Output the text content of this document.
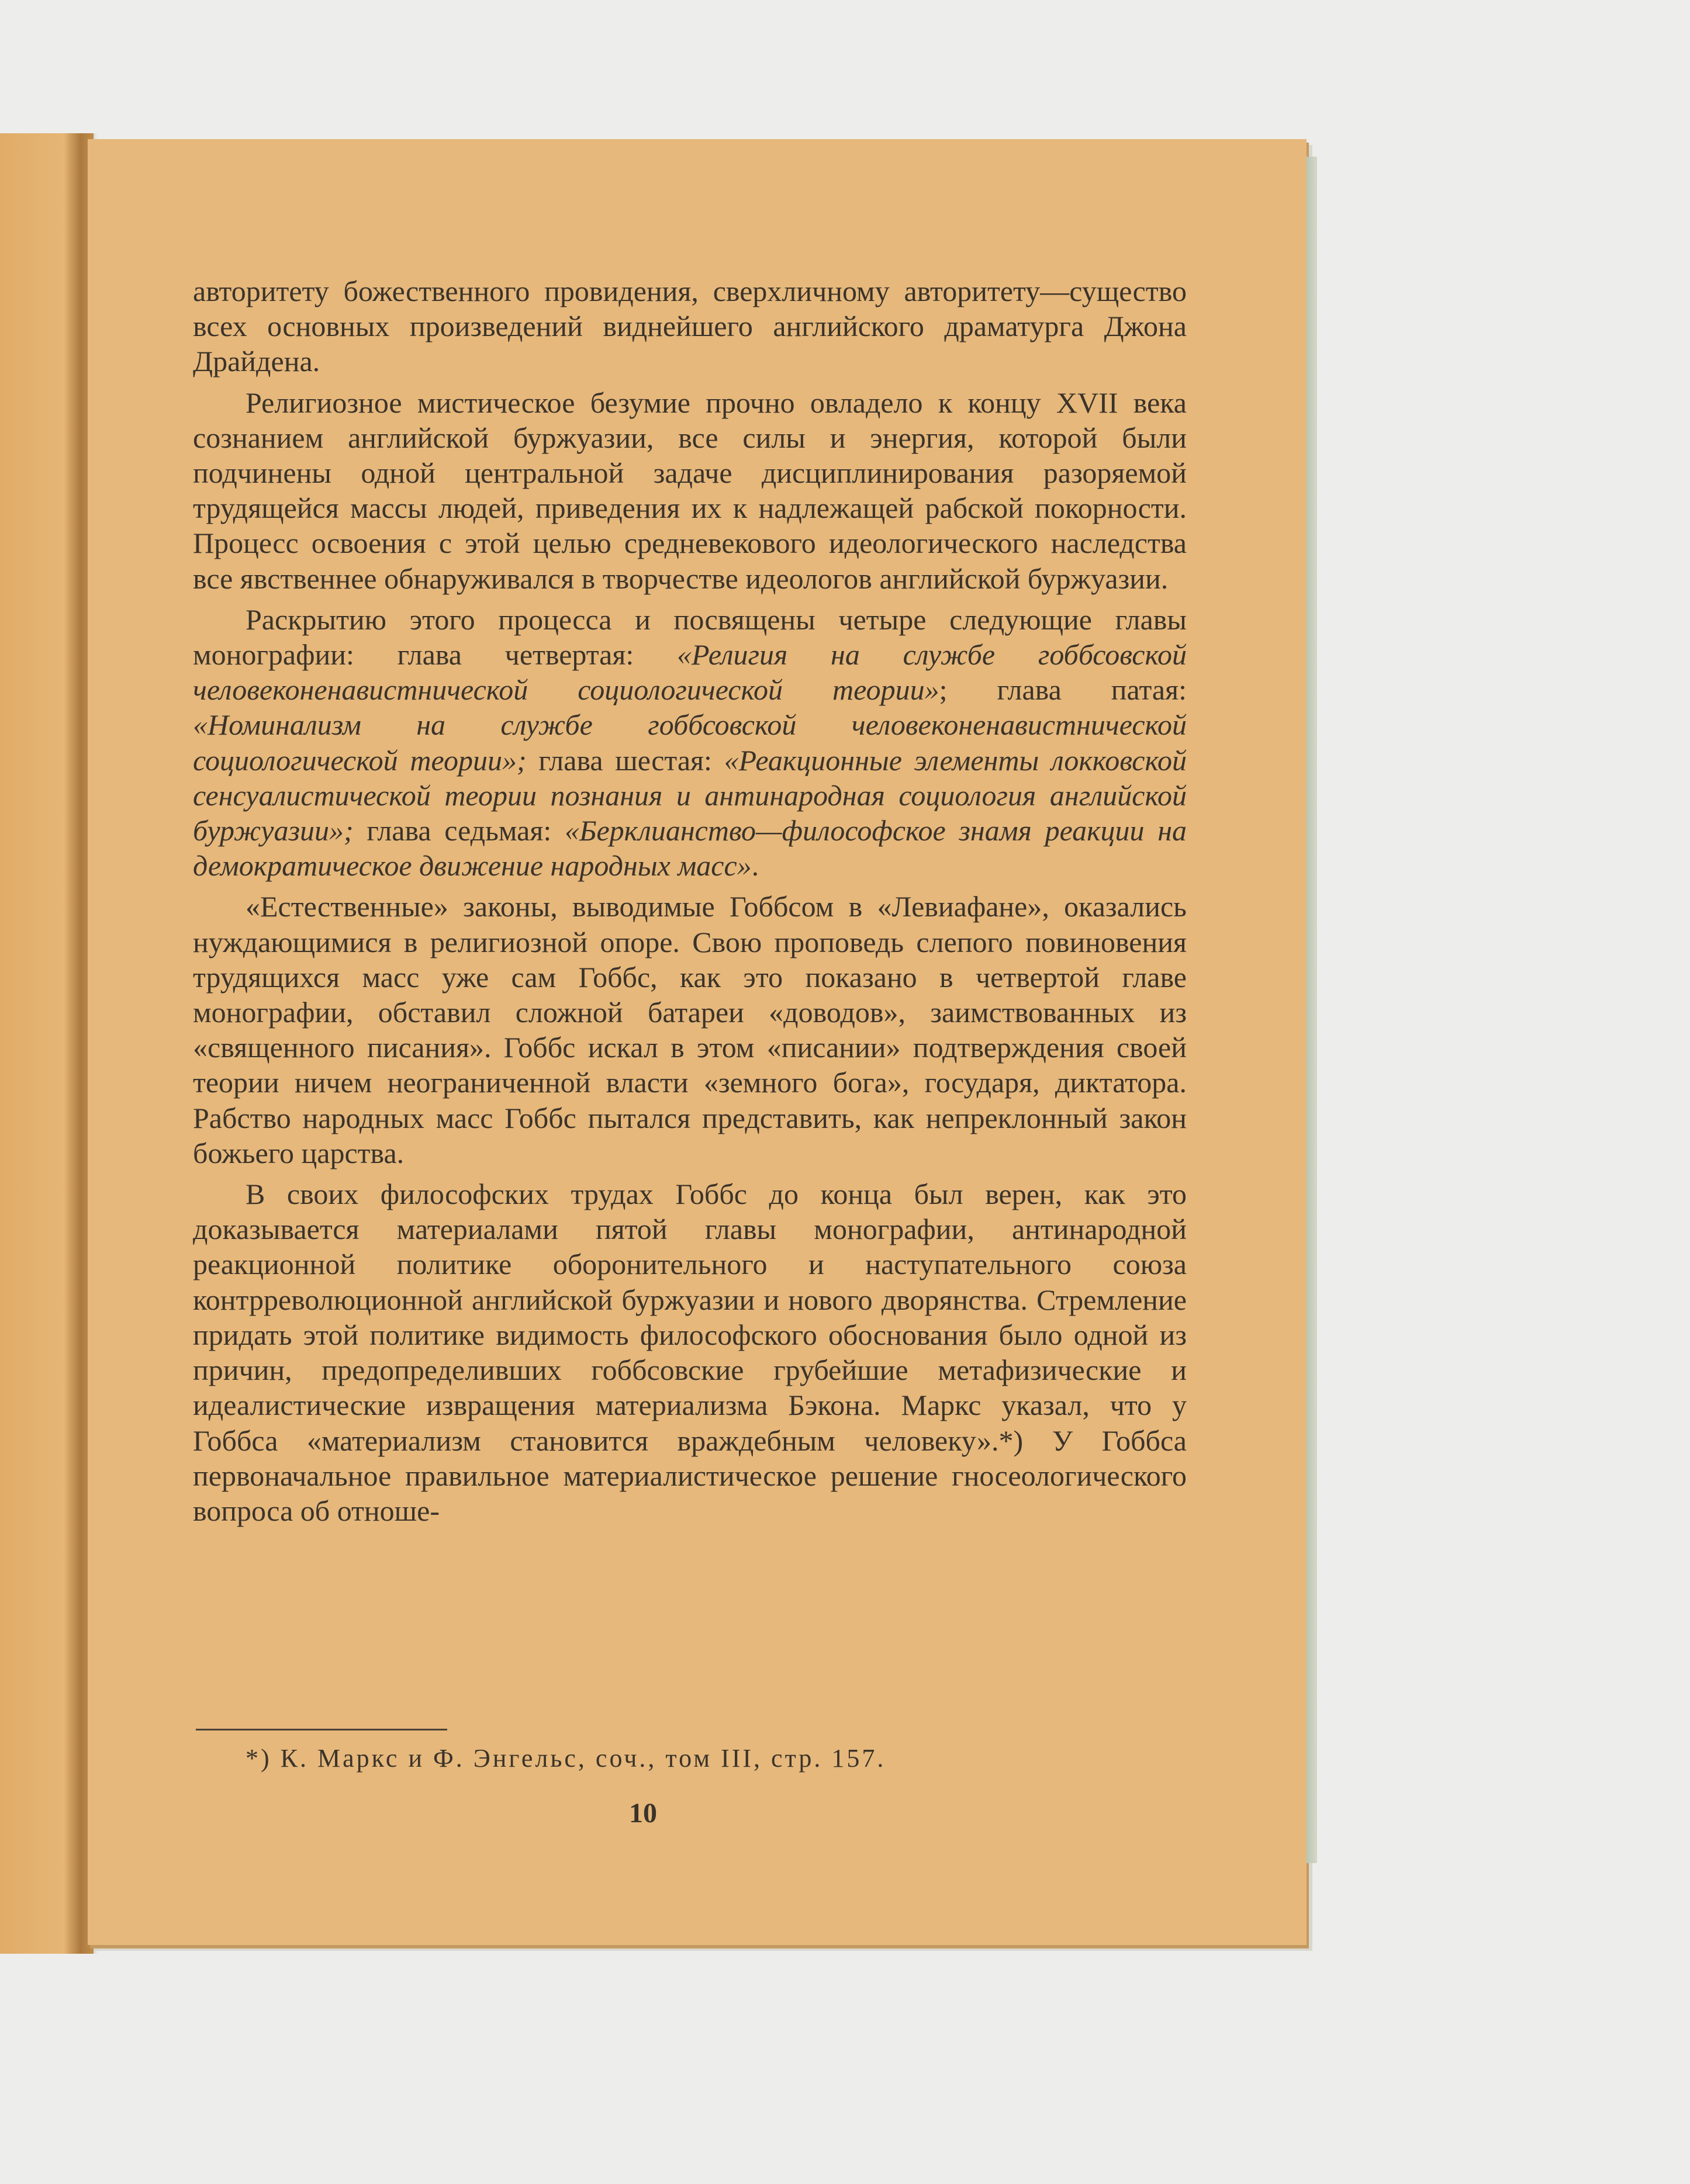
авторитету божественного провидения, сверхличному авторитету—существо всех основных произведений виднейшего английского драматурга Джона Драйдена.

Религиозное мистическое безумие прочно овладело к концу XVII века сознанием английской буржуазии, все силы и энергия, которой были подчинены одной центральной задаче дисциплинирования разоряемой трудящейся массы людей, приведения их к надлежащей рабской покорности. Процесс освоения с этой целью средневекового идеологического наследства все явственнее обнаруживался в творчестве идеологов английской буржуазии.

Раскрытию этого процесса и посвящены четыре следующие главы монографии: глава четвертая: «Религия на службе гоббсовской человеконенавистнической социологической теории»; глава патая: «Номинализм на службе гоббсовской человеконенавистнической социологической теории»; глава шестая: «Реакционные элементы локковской сенсуалистической теории познания и антинародная социология английской буржуазии»; глава седьмая: «Берклианство—философское знамя реакции на демократическое движение народных масс».

«Естественные» законы, выводимые Гоббсом в «Левиафане», оказались нуждающимися в религиозной опоре. Свою проповедь слепого повиновения трудящихся масс уже сам Гоббс, как это показано в четвертой главе монографии, обставил сложной батареи «доводов», заимствованных из «священного писания». Гоббс искал в этом «писании» подтверждения своей теории ничем неограниченной власти «земного бога», государя, диктатора. Рабство народных масс Гоббс пытался представить, как непреклонный закон божьего царства.

В своих философских трудах Гоббс до конца был верен, как это доказывается материалами пятой главы монографии, антинародной реакционной политике оборонительного и наступательного союза контрреволюционной английской буржуазии и нового дворянства. Стремление придать этой политике видимость философского обоснования было одной из причин, предопределивших гоббсовские грубейшие метафизические и идеалистические извращения материализма Бэкона. Маркс указал, что у Гоббса «материализм становится враждебным человеку».*) У Гоббса первоначальное правильное материалистическое решение гносеологического вопроса об отноше-

*) К. Маркс и Ф. Энгельс, соч., том III, стр. 157.
10
